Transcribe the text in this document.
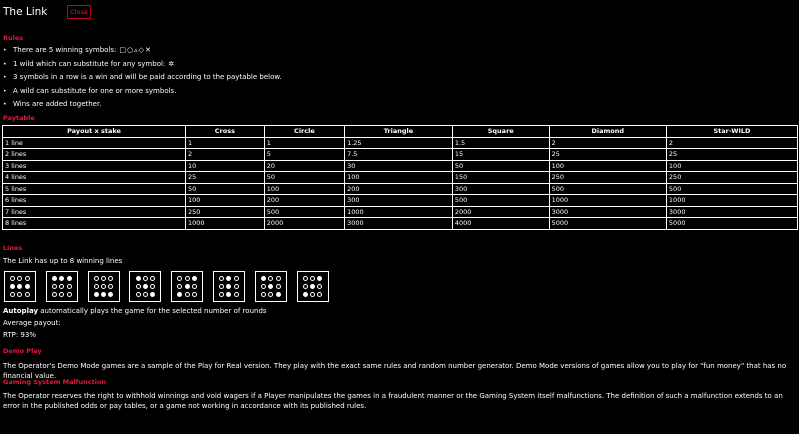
The Link	Close
Rules
• There are 5 winning symbols: □○▵◇✕
• 1 wild which can substitute for any symbol: ✲
• 3 symbols in a row is a win and will be paid according to the paytable below.
• A wild can substitute for one or more symbols.
• Wins are added together.
Paytable
Payout x stake	Cross	Circle	Triangle	Square	Diamond	Star-WILD
1 line	1	1	1.25	1.5	2	2
2 lines	2	5	7.5	15	25	25
3 lines	10	20	30	50	100	100
4 lines	25	50	100	150	250	250
5 lines	50	100	200	300	500	500
6 lines	100	200	300	500	1000	1000
7 lines	250	500	1000	2000	3000	3000
8 lines	1000	2000	3000	4000	5000	5000
Lines
The Link has up to 8 winning lines
Autoplay automatically plays the game for the selected number of rounds
Average payout:
RTP: 93%
Demo Play
The Operator's Demo Mode games are a sample of the Play for Real version. They play with the exact same rules and random number generator. Demo Mode versions of games allow you to play for "fun money" that has no financial value.
Gaming System Malfunction
The Operator reserves the right to withhold winnings and void wagers if a Player manipulates the games in a fraudulent manner or the Gaming System itself malfunctions. The definition of such a malfunction extends to an error in the published odds or pay tables, or a game not working in accordance with its published rules.
